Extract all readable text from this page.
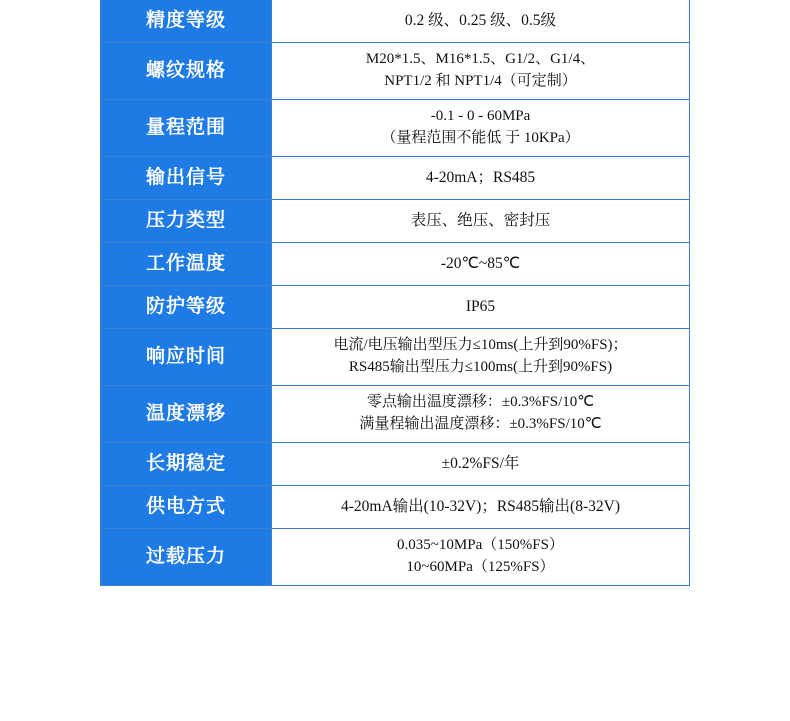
精度等级	0.2 级、0.25 级、0.5级

螺纹规格	M20*1.5、M16*1.5、G1/2、G1/4、
NPT1/2 和 NPT1/4（可定制）

量程范围	-0.1 - 0 - 60MPa
（量程范围不能低 于 10KPa）

输出信号	4-20mA；RS485

压力类型	表压、绝压、密封压

工作温度	-20℃~85℃

防护等级	IP65

响应时间	电流/电压输出型压力≤10ms(上升到90%FS)；
RS485输出型压力≤100ms(上升到90%FS)

温度漂移	零点输出温度漂移：±0.3%FS/10℃
满量程输出温度漂移：±0.3%FS/10℃

长期稳定	±0.2%FS/年

供电方式	4-20mA输出(10-32V)；RS485输出(8-32V)

过载压力	0.035~10MPa（150%FS）
10~60MPa（125%FS）
